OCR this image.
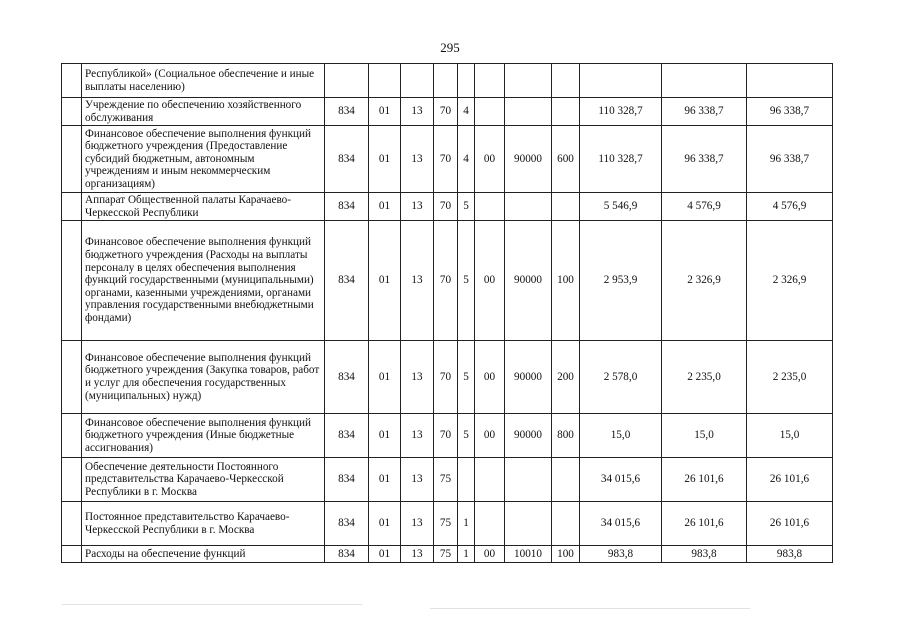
295
	Республикой» (Социальное обеспечение и иные выплаты населению)											
	Учреждение по обеспечению хозяйственного обслуживания	834	01	13	70	4				110 328,7	96 338,7	96 338,7
	Финансовое обеспечение выполнения функций бюджетного учреждения (Предоставление субсидий бюджетным, автономным учреждениям и иным некоммерческим организациям)	834	01	13	70	4	00	90000	600	110 328,7	96 338,7	96 338,7
	Аппарат Общественной палаты Карачаево-Черкесской Республики	834	01	13	70	5				5 546,9	4 576,9	4 576,9
	Финансовое обеспечение выполнения функций бюджетного учреждения (Расходы на выплаты персоналу в целях обеспечения выполнения функций государственными (муниципальными) органами, казенными учреждениями, органами управления государственными внебюджетными фондами)	834	01	13	70	5	00	90000	100	2 953,9	2 326,9	2 326,9
	Финансовое обеспечение выполнения функций бюджетного учреждения (Закупка товаров, работ и услуг для обеспечения государственных (муниципальных) нужд)	834	01	13	70	5	00	90000	200	2 578,0	2 235,0	2 235,0
	Финансовое обеспечение выполнения функций бюджетного учреждения (Иные бюджетные ассигнования)	834	01	13	70	5	00	90000	800	15,0	15,0	15,0
	Обеспечение деятельности Постоянного представительства Карачаево-Черкесской Республики в г. Москва	834	01	13	75					34 015,6	26 101,6	26 101,6
	Постоянное представительство Карачаево-Черкесской Республики в г. Москва	834	01	13	75	1				34 015,6	26 101,6	26 101,6
	Расходы на обеспечение функций	834	01	13	75	1	00	10010	100	983,8	983,8	983,8
